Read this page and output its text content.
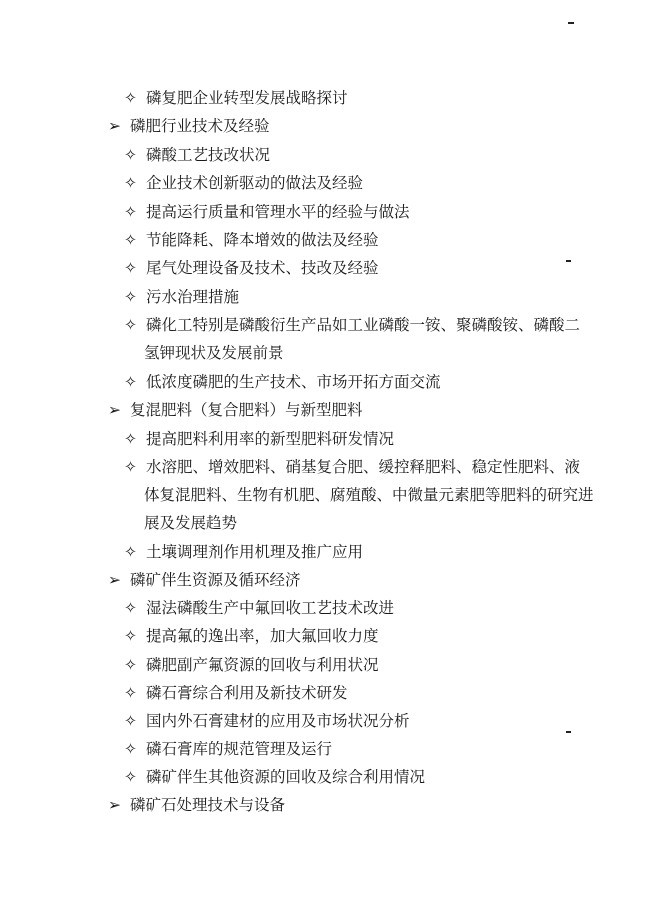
✧ 磷复肥企业转型发展战略探讨
➢ 磷肥行业技术及经验
✧ 磷酸工艺技改状况
✧ 企业技术创新驱动的做法及经验
✧ 提高运行质量和管理水平的经验与做法
✧ 节能降耗、降本增效的做法及经验
✧ 尾气处理设备及技术、技改及经验
✧ 污水治理措施
✧ 磷化工特别是磷酸衍生产品如工业磷酸一铵、聚磷酸铵、磷酸二
氢钾现状及发展前景
✧ 低浓度磷肥的生产技术、市场开拓方面交流
➢ 复混肥料（复合肥料）与新型肥料
✧ 提高肥料利用率的新型肥料研发情况
✧ 水溶肥、增效肥料、硝基复合肥、缓控释肥料、稳定性肥料、液
体复混肥料、生物有机肥、腐殖酸、中微量元素肥等肥料的研究进
展及发展趋势
✧ 土壤调理剂作用机理及推广应用
➢ 磷矿伴生资源及循环经济
✧ 湿法磷酸生产中氟回收工艺技术改进
✧ 提高氟的逸出率，加大氟回收力度
✧ 磷肥副产氟资源的回收与利用状况
✧ 磷石膏综合利用及新技术研发
✧ 国内外石膏建材的应用及市场状况分析
✧ 磷石膏库的规范管理及运行
✧ 磷矿伴生其他资源的回收及综合利用情况
➢ 磷矿石处理技术与设备
